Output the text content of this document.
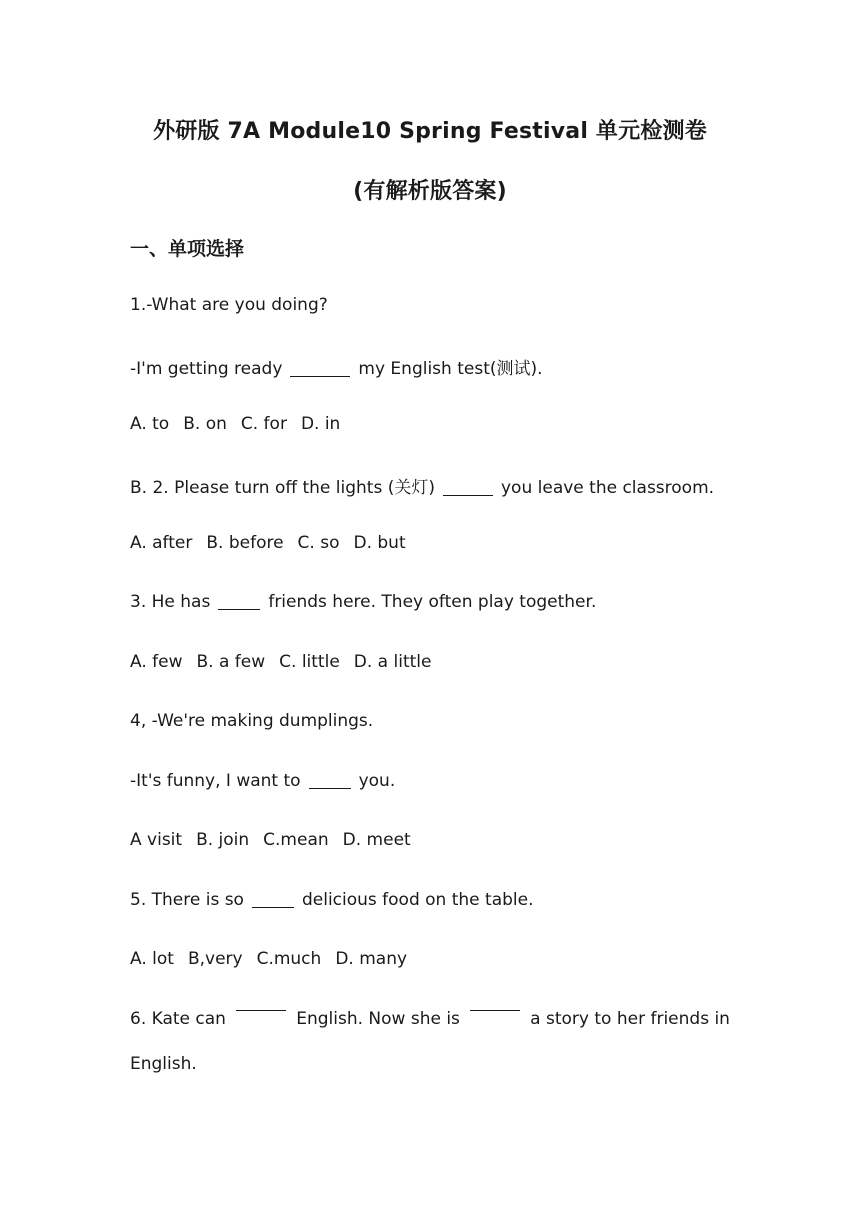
外研版 7A Module10 Spring Festival 单元检测卷
(有解析版答案)
一、单项选择
1.-What are you doing?
-I'm getting ready	my English test(测试).
A. to B. on C. for D. in
B. 2. Please turn off the lights (关灯)	you leave the classroom.
A. after B. before C. so D. but
3. He has	friends here. They often play together.
A. few B. a few C. little D. a little
4, -We're making dumplings.
-It's funny, I want to	you.
A visit B. join C.mean D. meet
5. There is so	delicious food on the table.
A. lot B,very C.much D. many
6. Kate can	English. Now she is	a story to her friends in
English.
